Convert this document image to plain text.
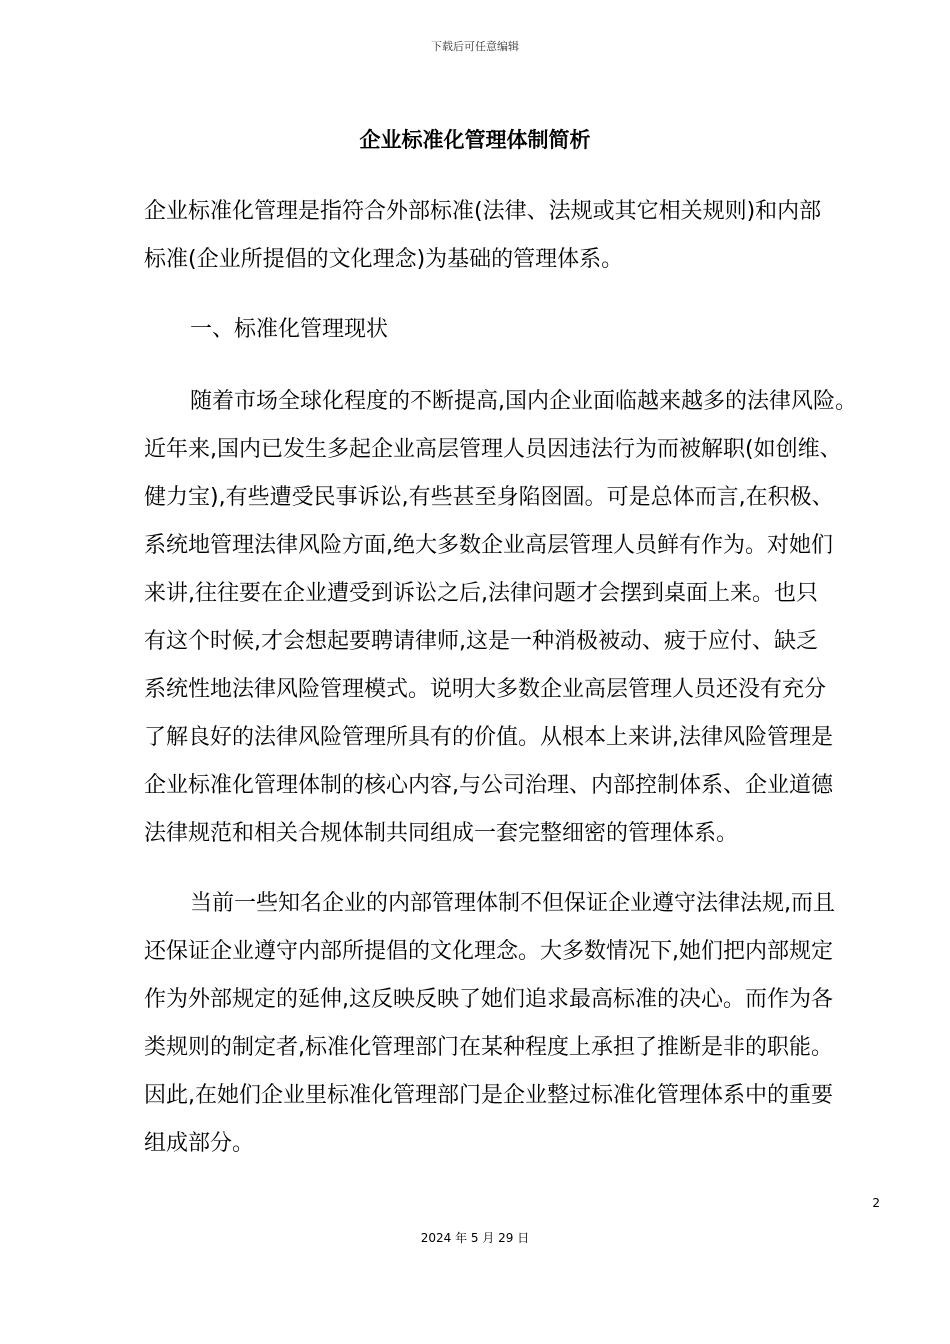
下载后可任意编辑
企业标准化管理体制简析
企业标准化管理是指符合外部标准(法律、法规或其它相关规则)和内部
标准(企业所提倡的文化理念)为基础的管理体系。
一、标准化管理现状
随着市场全球化程度的不断提高,国内企业面临越来越多的法律风险。
近年来,国内已发生多起企业高层管理人员因违法行为而被解职(如创维、
健力宝),有些遭受民事诉讼,有些甚至身陷囹圄。可是总体而言,在积极、
系统地管理法律风险方面,绝大多数企业高层管理人员鲜有作为。对她们
来讲,往往要在企业遭受到诉讼之后,法律问题才会摆到桌面上来。也只
有这个时候,才会想起要聘请律师,这是一种消极被动、疲于应付、缺乏
系统性地法律风险管理模式。说明大多数企业高层管理人员还没有充分
了解良好的法律风险管理所具有的价值。从根本上来讲,法律风险管理是
企业标准化管理体制的核心内容,与公司治理、内部控制体系、企业道德
法律规范和相关合规体制共同组成一套完整细密的管理体系。
当前一些知名企业的内部管理体制不但保证企业遵守法律法规,而且
还保证企业遵守内部所提倡的文化理念。大多数情况下,她们把内部规定
作为外部规定的延伸,这反映反映了她们追求最高标准的决心。而作为各
类规则的制定者,标准化管理部门在某种程度上承担了推断是非的职能。
因此,在她们企业里标准化管理部门是企业整过标准化管理体系中的重要
组成部分。
2
2024 年 5 月 29 日
